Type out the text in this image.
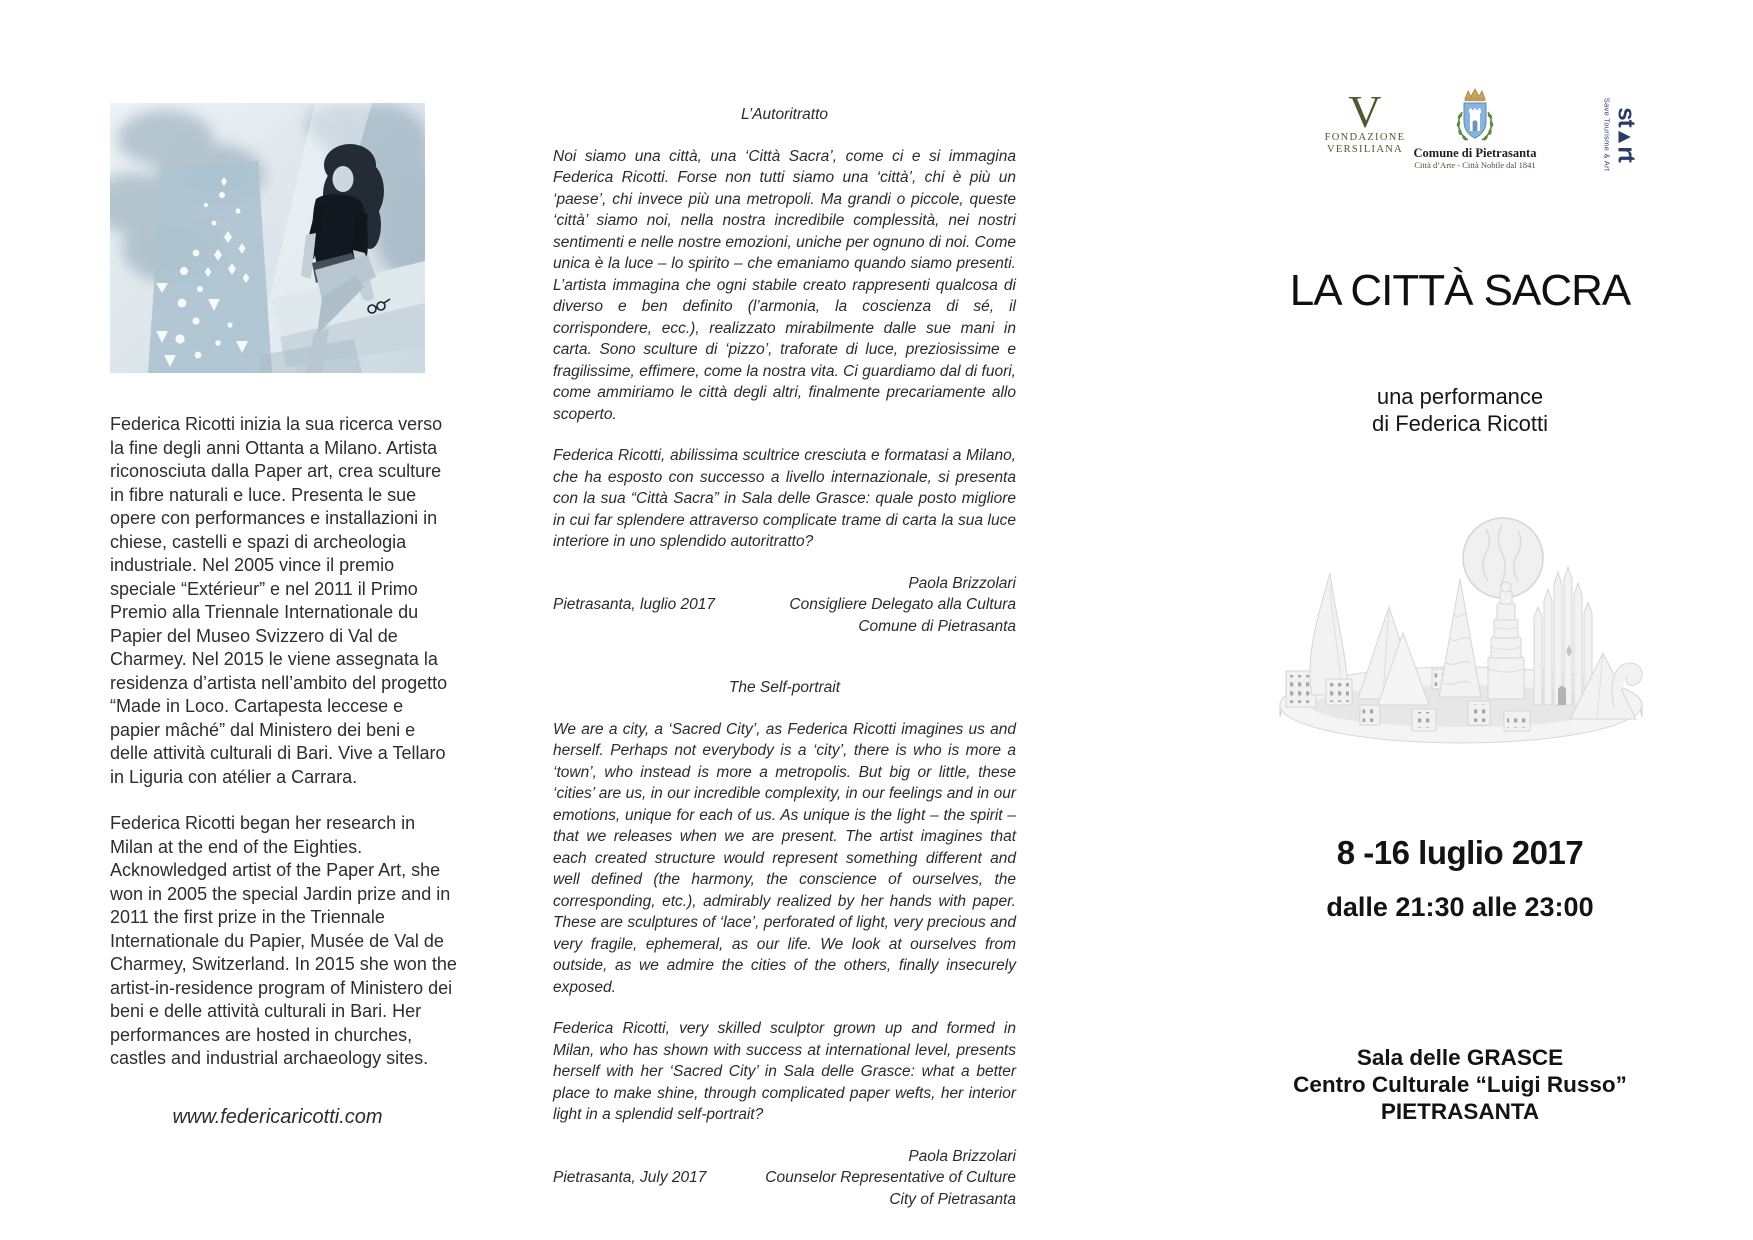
Federica Ricotti inizia la sua ricerca verso la fine degli anni Ottanta a Milano. Artista riconosciuta dalla Paper art, crea sculture in fibre naturali e luce. Presenta le sue opere con performances e installazioni in chiese, castelli e spazi di archeologia industriale. Nel 2005 vince il premio speciale “Extérieur” e nel 2011 il Primo Premio alla Triennale Internationale du Papier del Museo Svizzero di Val de Charmey. Nel 2015 le viene assegnata la residenza d’artista nell’ambito del progetto “Made in Loco. Cartapesta leccese e papier mâché” dal Ministero dei beni e delle attività culturali di Bari. Vive a Tellaro in Liguria con atélier a Carrara.

Federica Ricotti began her research in Milan at the end of the Eighties. Acknowledged artist of the Paper Art, she won in 2005 the special Jardin prize and in 2011 the first prize in the Triennale Internationale du Papier, Musée de Val de Charmey, Switzerland. In 2015 she won the artist-in-residence program of Ministero dei beni e delle attività culturali in Bari. Her performances are hosted in churches, castles and industrial archaeology sites.

www.federicaricotti.com
L’Autoritratto

Noi siamo una città, una ‘Città Sacra’, come ci e si immagina Federica Ricotti. Forse non tutti siamo una ‘città’, chi è più un ‘paese’, chi invece più una metropoli. Ma grandi o piccole, queste ‘città’ siamo noi, nella nostra incredibile complessità, nei nostri sentimenti e nelle nostre emozioni, uniche per ognuno di noi. Come unica è la luce – lo spirito – che emaniamo quando siamo presenti. L’artista immagina che ogni stabile creato rappresenti qualcosa di diverso e ben definito (l’armonia, la coscienza di sé, il corrispondere, ecc.), realizzato mirabilmente dalle sue mani in carta. Sono sculture di ‘pizzo’, traforate di luce, preziosissime e fragilissime, effimere, come la nostra vita. Ci guardiamo dal di fuori, come ammiriamo le città degli altri, finalmente precariamente allo scoperto.

Federica Ricotti, abilissima scultrice cresciuta e formatasi a Milano, che ha esposto con successo a livello internazionale, si presenta con la sua “Città Sacra” in Sala delle Grasce: quale posto migliore in cui far splendere attraverso complicate trame di carta la sua luce interiore in uno splendido autoritratto?

Pietrasanta, luglio 2017
Paola Brizzolari
Consigliere Delegato alla Cultura
Comune di Pietrasanta
The Self-portrait

We are a city, a ‘Sacred City’, as Federica Ricotti imagines us and herself. Perhaps not everybody is a ‘city’, there is who is more a ‘town’, who instead is more a metropolis. But big or little, these ‘cities’ are us, in our incredible complexity, in our feelings and in our emotions, unique for each of us. As unique is the light – the spirit – that we releases when we are present. The artist imagines that each created structure would represent something different and well defined (the harmony, the conscience of ourselves, the corresponding, etc.), admirably realized by her hands with paper. These are sculptures of ‘lace’, perforated of light, very precious and very fragile, ephemeral, as our life. We look at ourselves from outside, as we admire the cities of the others, finally insecurely exposed.

Federica Ricotti, very skilled sculptor grown up and formed in Milan, who has shown with success at international level, presents herself with her ‘Sacred City’ in Sala delle Grasce: what a better place to make shine, through complicated paper wefts, her interior light in a splendid self-portrait?

Pietrasanta, July 2017
Paola Brizzolari
Counselor Representative of Culture
City of Pietrasanta
V
FONDAZIONE
VERSILIANA Comune di Pietrasanta
Città d’Arte - Città Nobile dal 1841
st▲rt
Save Tourisme & Art
LA CITTÀ SACRA
una performance
di Federica Ricotti
8 -16 luglio 2017
dalle 21:30 alle 23:00
Sala delle GRASCE
Centro Culturale “Luigi Russo”
PIETRASANTA
